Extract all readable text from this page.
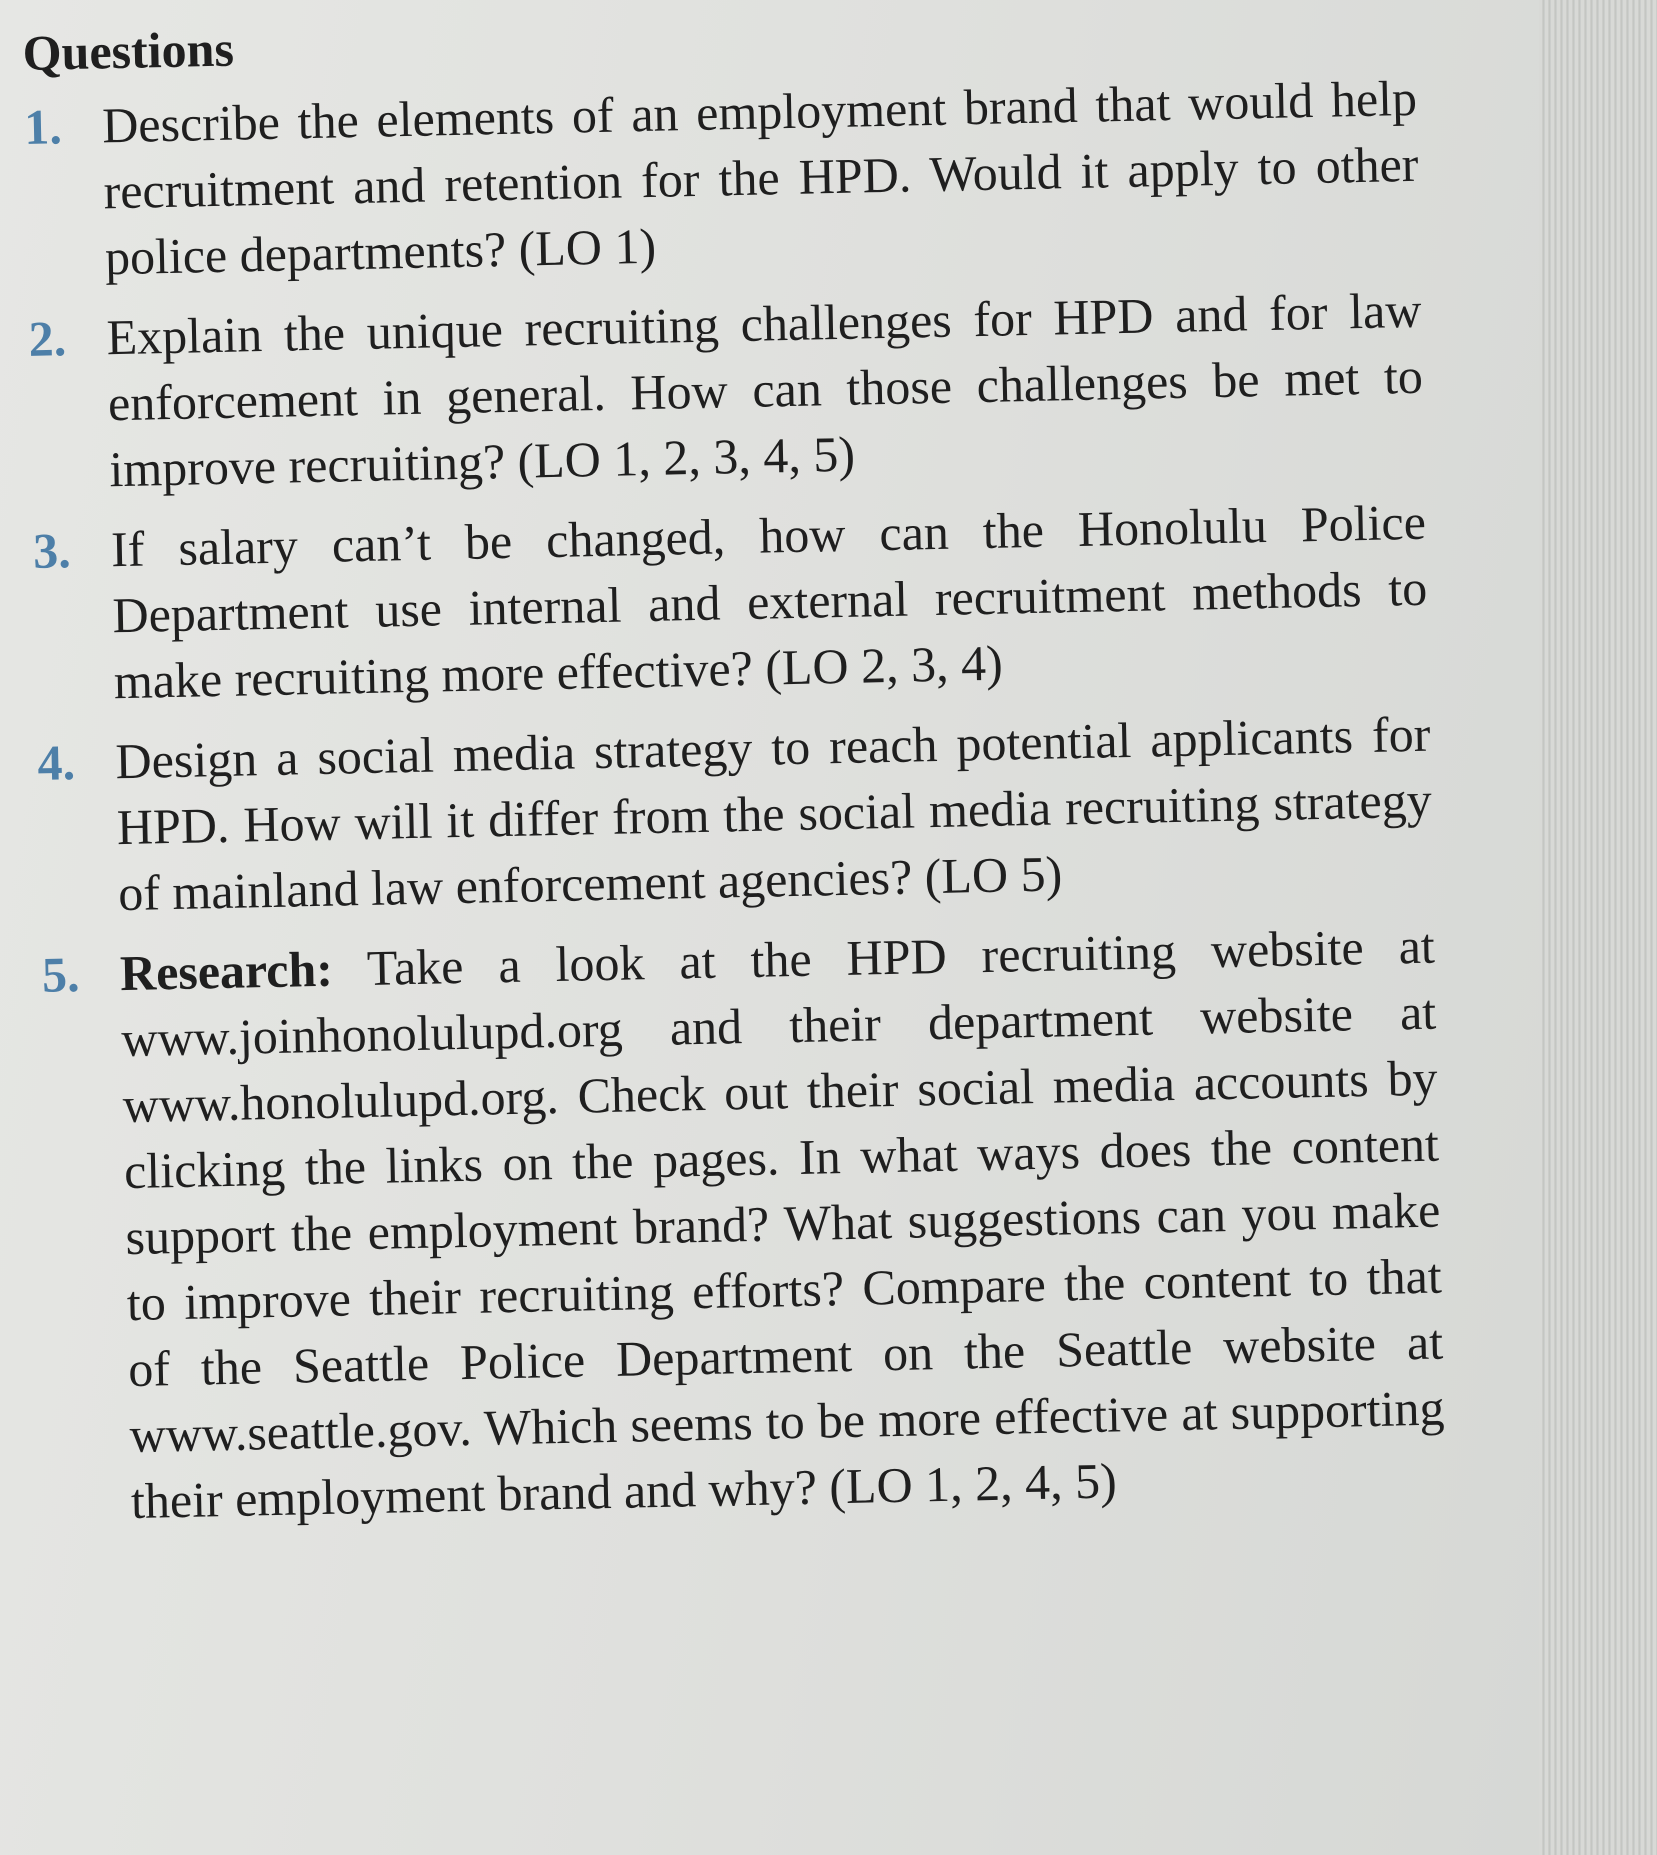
Questions
1. Describe the elements of an employment brand that would help recruitment and retention for the HPD. Would it apply to other police departments? (LO 1)
2. Explain the unique recruiting challenges for HPD and for law enforcement in general. How can those challenges be met to improve recruiting? (LO 1, 2, 3, 4, 5)
3. If salary can’t be changed, how can the Honolulu Police Department use internal and external recruitment methods to make recruiting more effective? (LO 2, 3, 4)
4. Design a social media strategy to reach potential applicants for HPD. How will it differ from the social media recruiting strategy of mainland law enforcement agencies? (LO 5)
5. Research: Take a look at the HPD recruiting website at www.joinhonolulupd.org and their department website at www.honolulupd.org. Check out their social media accounts by clicking the links on the pages. In what ways does the content support the employment brand? What suggestions can you make to improve their recruiting efforts? Compare the content to that of the Seattle Police Department on the Seattle website at www.seattle.gov. Which seems to be more effective at supporting their employment brand and why? (LO 1, 2, 4, 5)
